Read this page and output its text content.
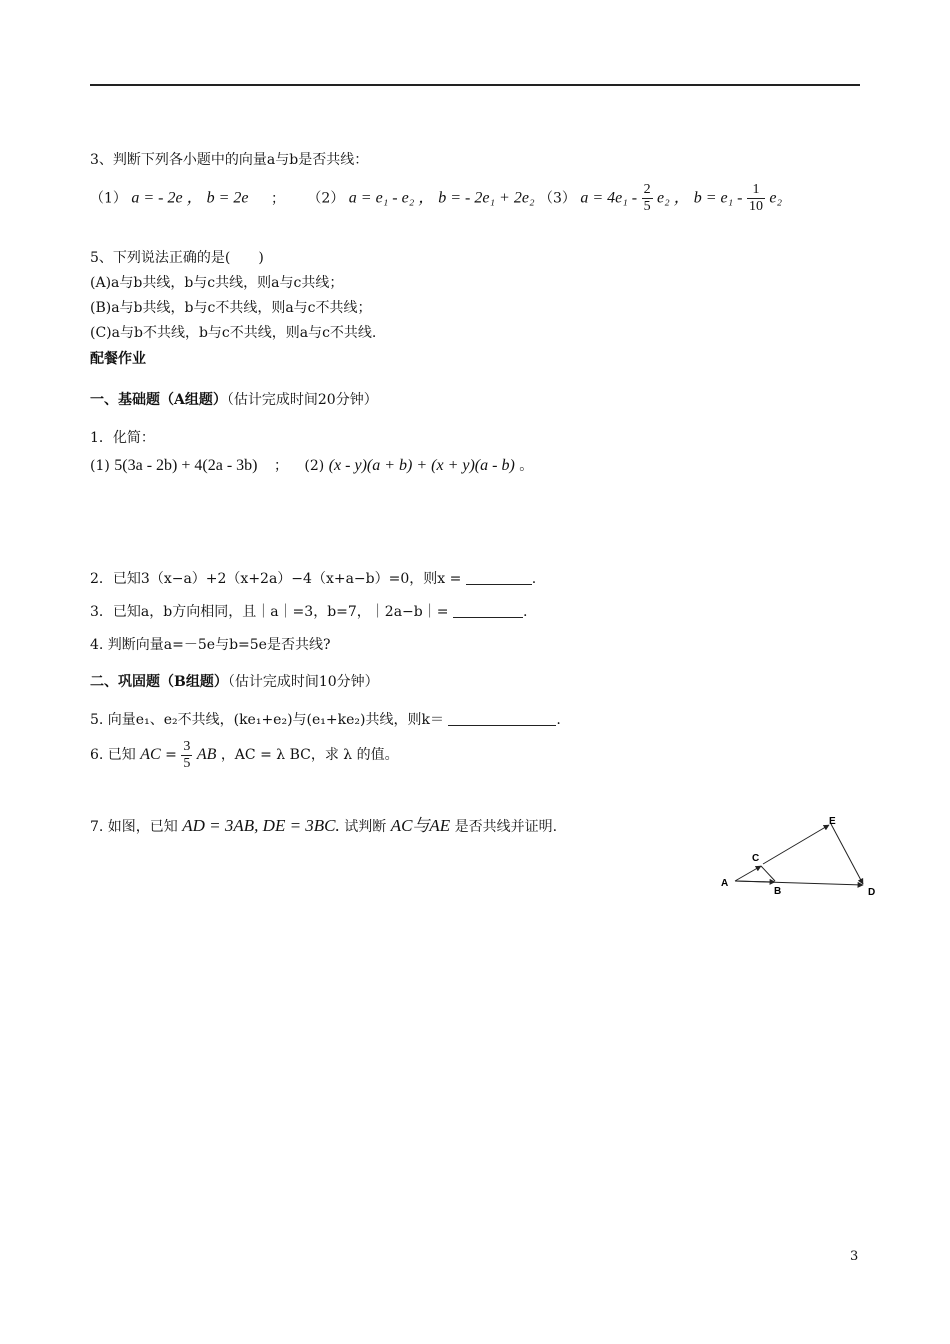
3、判断下列各小题中的向量a与b是否共线：
（1） a = - 2e ， b = 2e ； （2） a = e₁ - e₂ ， b = - 2e₁ + 2e₂ （3） $a = 4e_1 - \frac{2}{5} e_2$ ， $b = e_1 - \frac{1}{10} e_2$
5、下列说法正确的是(　　)
(A)a与b共线，b与c共线，则a与c共线；
(B)a与b共线，b与c不共线，则a与c不共线；
(C)a与b不共线，b与c不共线，则a与c不共线.
配餐作业
一、基础题（A组题）（估计完成时间20分钟）
1．化简：
(1) 5(3a - 2b) + 4(2a - 3b) ； (2) (x - y)(a + b) + (x + y)(a - b) 。
2．已知3（x−a）+2（x+2a）−4（x+a−b）=0，则x =	.
3．已知a，b方向相同，且｜a｜=3，b=7，｜2a−b｜=	.
4. 判断向量a=－5e与b=5e是否共线?
二、巩固题（B组题）（估计完成时间10分钟）
5. 向量e₁、e₂不共线，(ke₁+e₂)与(e₁+ke₂)共线，则k＝	.
6. 已知 AC = $\frac{3}{5}$ AB ，AC = λ BC，求 λ 的值。
7. 如图，已知 AD = 3AB, DE = 3BC. 试判断 AC与AE 是否共线并证明.
A
B
C
D
E
3
